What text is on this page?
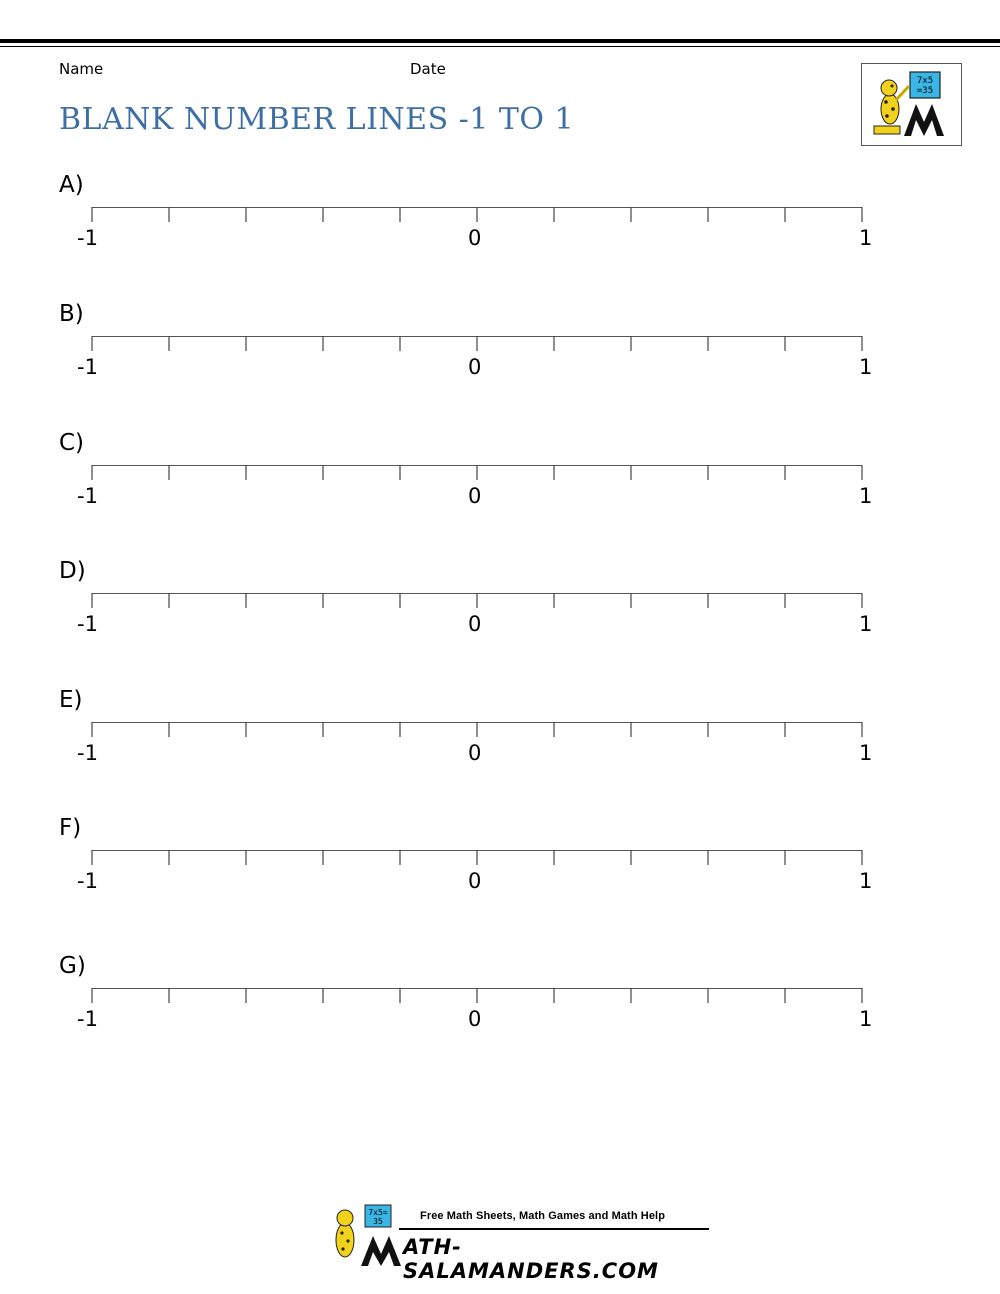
Name	Date
BLANK NUMBER LINES -1 TO 1
7x5
=35
A)
-1	0	1
B)
-1	0	1
C)
-1	0	1
D)
-1	0	1
E)
-1	0	1
F)
-1	0	1
G)
-1	0	1
7x5=
35	Free Math Sheets, Math Games and Math Help
ATH-SALAMANDERS.COM
